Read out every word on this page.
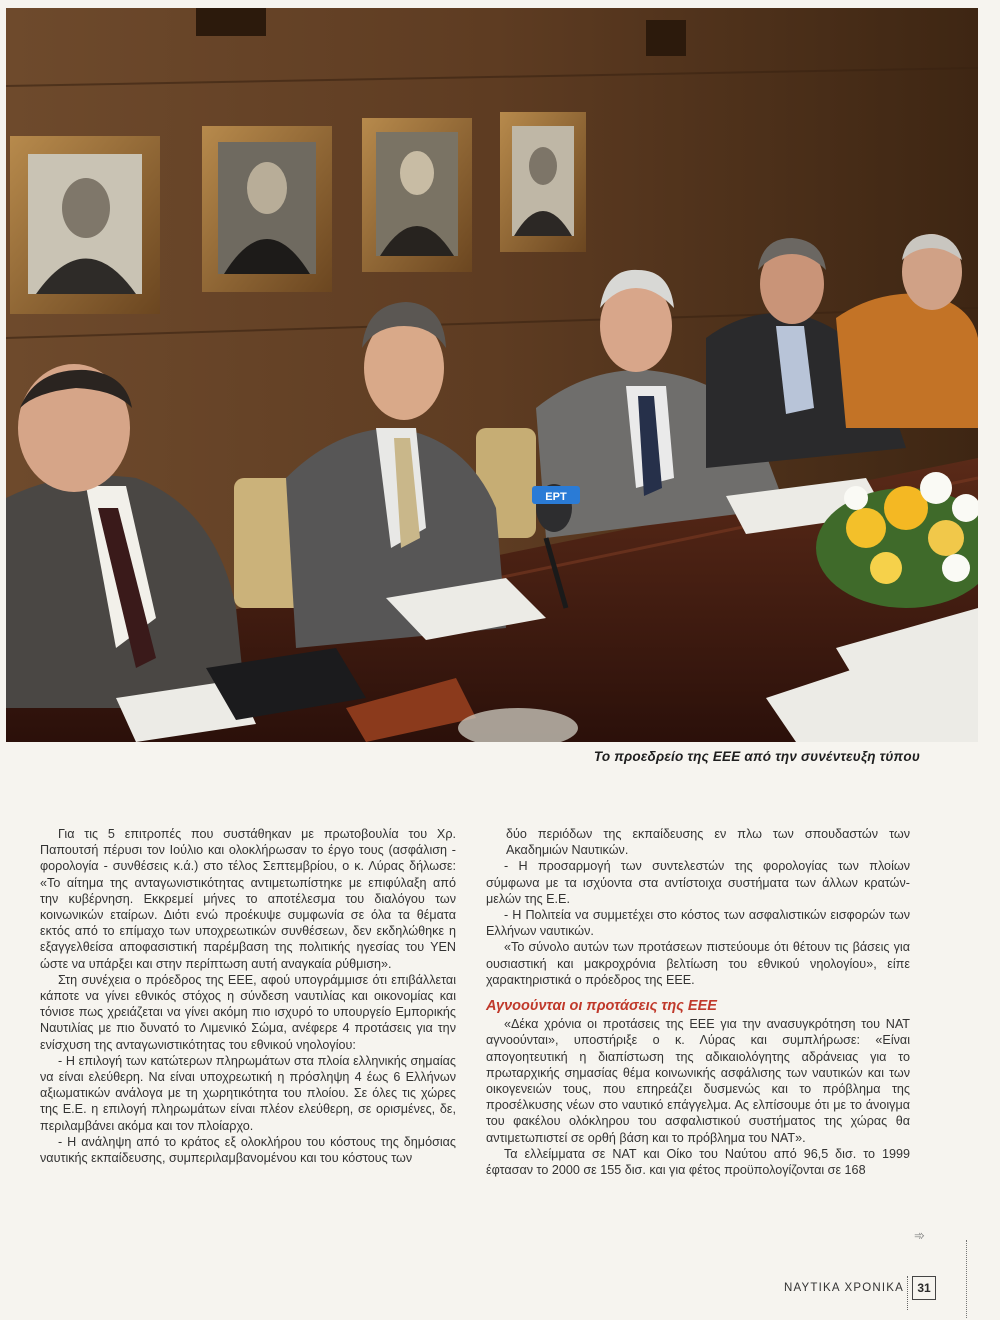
ΕΡΤ
Το προεδρείο της ΕΕΕ από την συνέντευξη τύπου

Για τις 5 επιτροπές που συστάθηκαν με πρωτοβουλία του Χρ. Παπουτσή πέρυσι τον Ιούλιο και ολοκλήρωσαν το έργο τους (ασφάλιση - φορολογία - συνθέσεις κ.ά.) στο τέλος Σεπτεμβρίου, ο κ. Λύρας δήλωσε: «Το αίτημα της ανταγωνιστικότητας αντιμετωπίστηκε με επιφύλαξη από την κυβέρνηση. Εκκρεμεί μήνες το αποτέλεσμα του διαλόγου των κοινωνικών εταίρων. Διότι ενώ προέκυψε συμφωνία σε όλα τα θέματα εκτός από το επίμαχο των υποχρεωτικών συνθέσεων, δεν εκδηλώθηκε η εξαγγελθείσα αποφασιστική παρέμβαση της πολιτικής ηγεσίας του ΥΕΝ ώστε να υπάρξει και στην περίπτωση αυτή αναγκαία ρύθμιση».

Στη συνέχεια ο πρόεδρος της ΕΕΕ, αφού υπογράμμισε ότι επιβάλλεται κάποτε να γίνει εθνικός στόχος η σύνδεση ναυτιλίας και οικονομίας και τόνισε πως χρειάζεται να γίνει ακόμη πιο ισχυρό το υπουργείο Εμπορικής Ναυτιλίας με πιο δυνατό το Λιμενικό Σώμα, ανέφερε 4 προτάσεις για την ενίσχυση της ανταγωνιστικότητας του εθνικού νηολογίου:

- Η επιλογή των κατώτερων πληρωμάτων στα πλοία ελληνικής σημαίας να είναι ελεύθερη. Να είναι υποχρεωτική η πρόσληψη 4 έως 6 Ελλήνων αξιωματικών ανάλογα με τη χωρητικότητα του πλοίου. Σε όλες τις χώρες της Ε.Ε. η επιλογή πληρωμάτων είναι πλέον ελεύθερη, σε ορισμένες, δε, περιλαμβάνει ακόμα και τον πλοίαρχο.

- Η ανάληψη από το κράτος εξ ολοκλήρου του κόστους της δημόσιας ναυτικής εκπαίδευσης, συμπεριλαμβανομένου και του κόστους των

δύο περιόδων της εκπαίδευσης εν πλω των σπουδαστών των Ακαδημιών Ναυτικών.

- Η προσαρμογή των συντελεστών της φορολογίας των πλοίων σύμφωνα με τα ισχύοντα στα αντίστοιχα συστήματα των άλλων κρατών-μελών της Ε.Ε.

- Η Πολιτεία να συμμετέχει στο κόστος των ασφαλιστικών εισφορών των Ελλήνων ναυτικών.

«Το σύνολο αυτών των προτάσεων πιστεύουμε ότι θέτουν τις βάσεις για ουσιαστική και μακροχρόνια βελτίωση του εθνικού νηολογίου», είπε χαρακτηριστικά ο πρόεδρος της ΕΕΕ.

Αγνοούνται οι προτάσεις της ΕΕΕ

«Δέκα χρόνια οι προτάσεις της ΕΕΕ για την ανασυγκρότηση του ΝΑΤ αγνοούνται», υποστήριξε ο κ. Λύρας και συμπλήρωσε: «Είναι απογοητευτική η διαπίστωση της αδικαιολόγητης αδράνειας για το πρωταρχικής σημασίας θέμα κοινωνικής ασφάλισης των ναυτικών και των οικογενειών τους, που επηρεάζει δυσμενώς και το πρόβλημα της προσέλκυσης νέων στο ναυτικό επάγγελμα. Ας ελπίσουμε ότι με το άνοιγμα του φακέλου ολόκληρου του ασφαλιστικού συστήματος της χώρας θα αντιμετωπιστεί σε ορθή βάση και το πρόβλημα του ΝΑΤ».

Τα ελλείμματα σε ΝΑΤ και Οίκο του Ναύτου από 96,5 δισ. το 1999 έφτασαν το 2000 σε 155 δισ. και για φέτος προϋπολογίζονται σε 168

➾
ΝΑΥΤΙΚΑ ΧΡΟΝΙΚΑ	31
